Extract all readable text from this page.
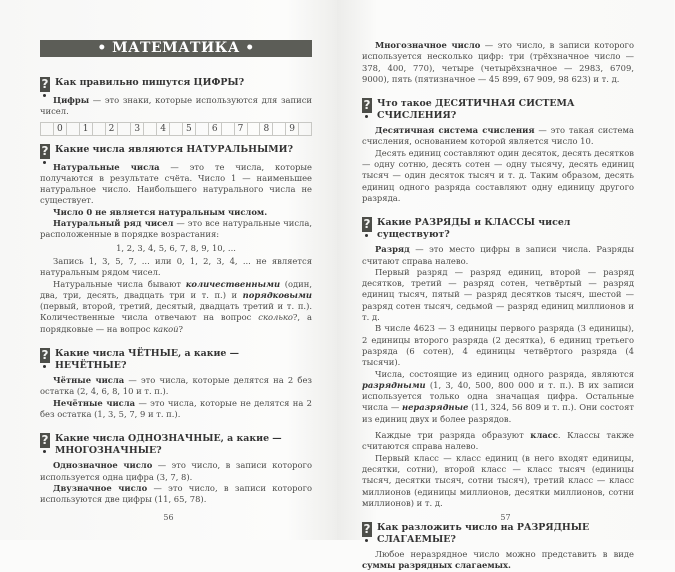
• МАТЕМАТИКА •
? Как правильно пишутся ЦИФРЫ?

Цифры — это знаки, которые используются для записи чисел.

0	1	2	3	4	5	6	7	8	9
? Какие числа являются НАТУРАЛЬНЫМИ?

Натуральные числа — это те числа, которые получаются в результате счёта. Число 1 — наименьшее натуральное число. Наибольшего натурального числа не существует.

Число 0 не является натуральным числом.

Натуральный ряд чисел — это все натуральные числа, расположенные в порядке возрастания:

1, 2, 3, 4, 5, 6, 7, 8, 9, 10, ...

Запись 1, 3, 5, 7, ... или 0, 1, 2, 3, 4, ... не является натуральным рядом чисел.

Натуральные числа бывают количественными (один, два, три, десять, двадцать три и т. п.) и порядковыми (первый, второй, третий, десятый, двадцать третий и т. п.). Количественные числа отвечают на вопрос сколько?, а порядковые — на вопрос какой?

? Какие числа ЧЁТНЫЕ, а какие — НЕЧЁТНЫЕ?

Чётные числа — это числа, которые делятся на 2 без остатка (2, 4, 6, 8, 10 и т. п.).

Нечётные числа — это числа, которые не делятся на 2 без остатка (1, 3, 5, 7, 9 и т. п.).

? Какие числа ОДНОЗНАЧНЫЕ, а какие — МНОГОЗНАЧНЫЕ?

Однозначное число — это число, в записи которого используется одна цифра (3, 7, 8).

Двузначное число — это число, в записи которого используются две цифры (11, 65, 78).

56

Многозначное число — это число, в записи которого используется несколько цифр: три (трёхзначное число — 378, 400, 770), четыре (четырёхзначное — 2983, 6709, 9000), пять (пятизначное — 45 899, 67 909, 98 623) и т. д.

? Что такое ДЕСЯТИЧНАЯ СИСТЕМА СЧИСЛЕНИЯ?

Десятичная система счисления — это такая система счисления, основанием которой является число 10.

Десять единиц составляют один десяток, десять десятков — одну сотню, десять сотен — одну тысячу, десять единиц тысяч — один десяток тысяч и т. д. Таким образом, десять единиц одного разряда составляют одну единицу другого разряда.

? Какие РАЗРЯДЫ и КЛАССЫ чисел существуют?

Разряд — это место цифры в записи числа. Разряды считают справа налево.

Первый разряд — разряд единиц, второй — разряд десятков, третий — разряд сотен, четвёртый — разряд единиц тысяч, пятый — разряд десятков тысяч, шестой — разряд сотен тысяч, седьмой — разряд единиц миллионов и т. д.

В числе 4623 — 3 единицы первого разряда (3 единицы), 2 единицы второго разряда (2 десятка), 6 единиц третьего разряда (6 сотен), 4 единицы четвёртого разряда (4 тысячи).

Числа, состоящие из единиц одного разряда, являются разрядными (1, 3, 40, 500, 800 000 и т. п.). В их записи используется только одна значащая цифра. Остальные числа — неразрядные (11, 324, 56 809 и т. п.). Они состоят из единиц двух и более разрядов.

Каждые три разряда образуют класс. Классы также считаются справа налево.

Первый класс — класс единиц (в него входят единицы, десятки, сотни), второй класс — класс тысяч (единицы тысяч, десятки тысяч, сотни тысяч), третий класс — класс миллионов (единицы миллионов, десятки миллионов, сотни миллионов) и т. д.

? Как разложить число на РАЗРЯДНЫЕ СЛАГАЕМЫЕ?

Любое неразрядное число можно представить в виде суммы разрядных слагаемых.

57
